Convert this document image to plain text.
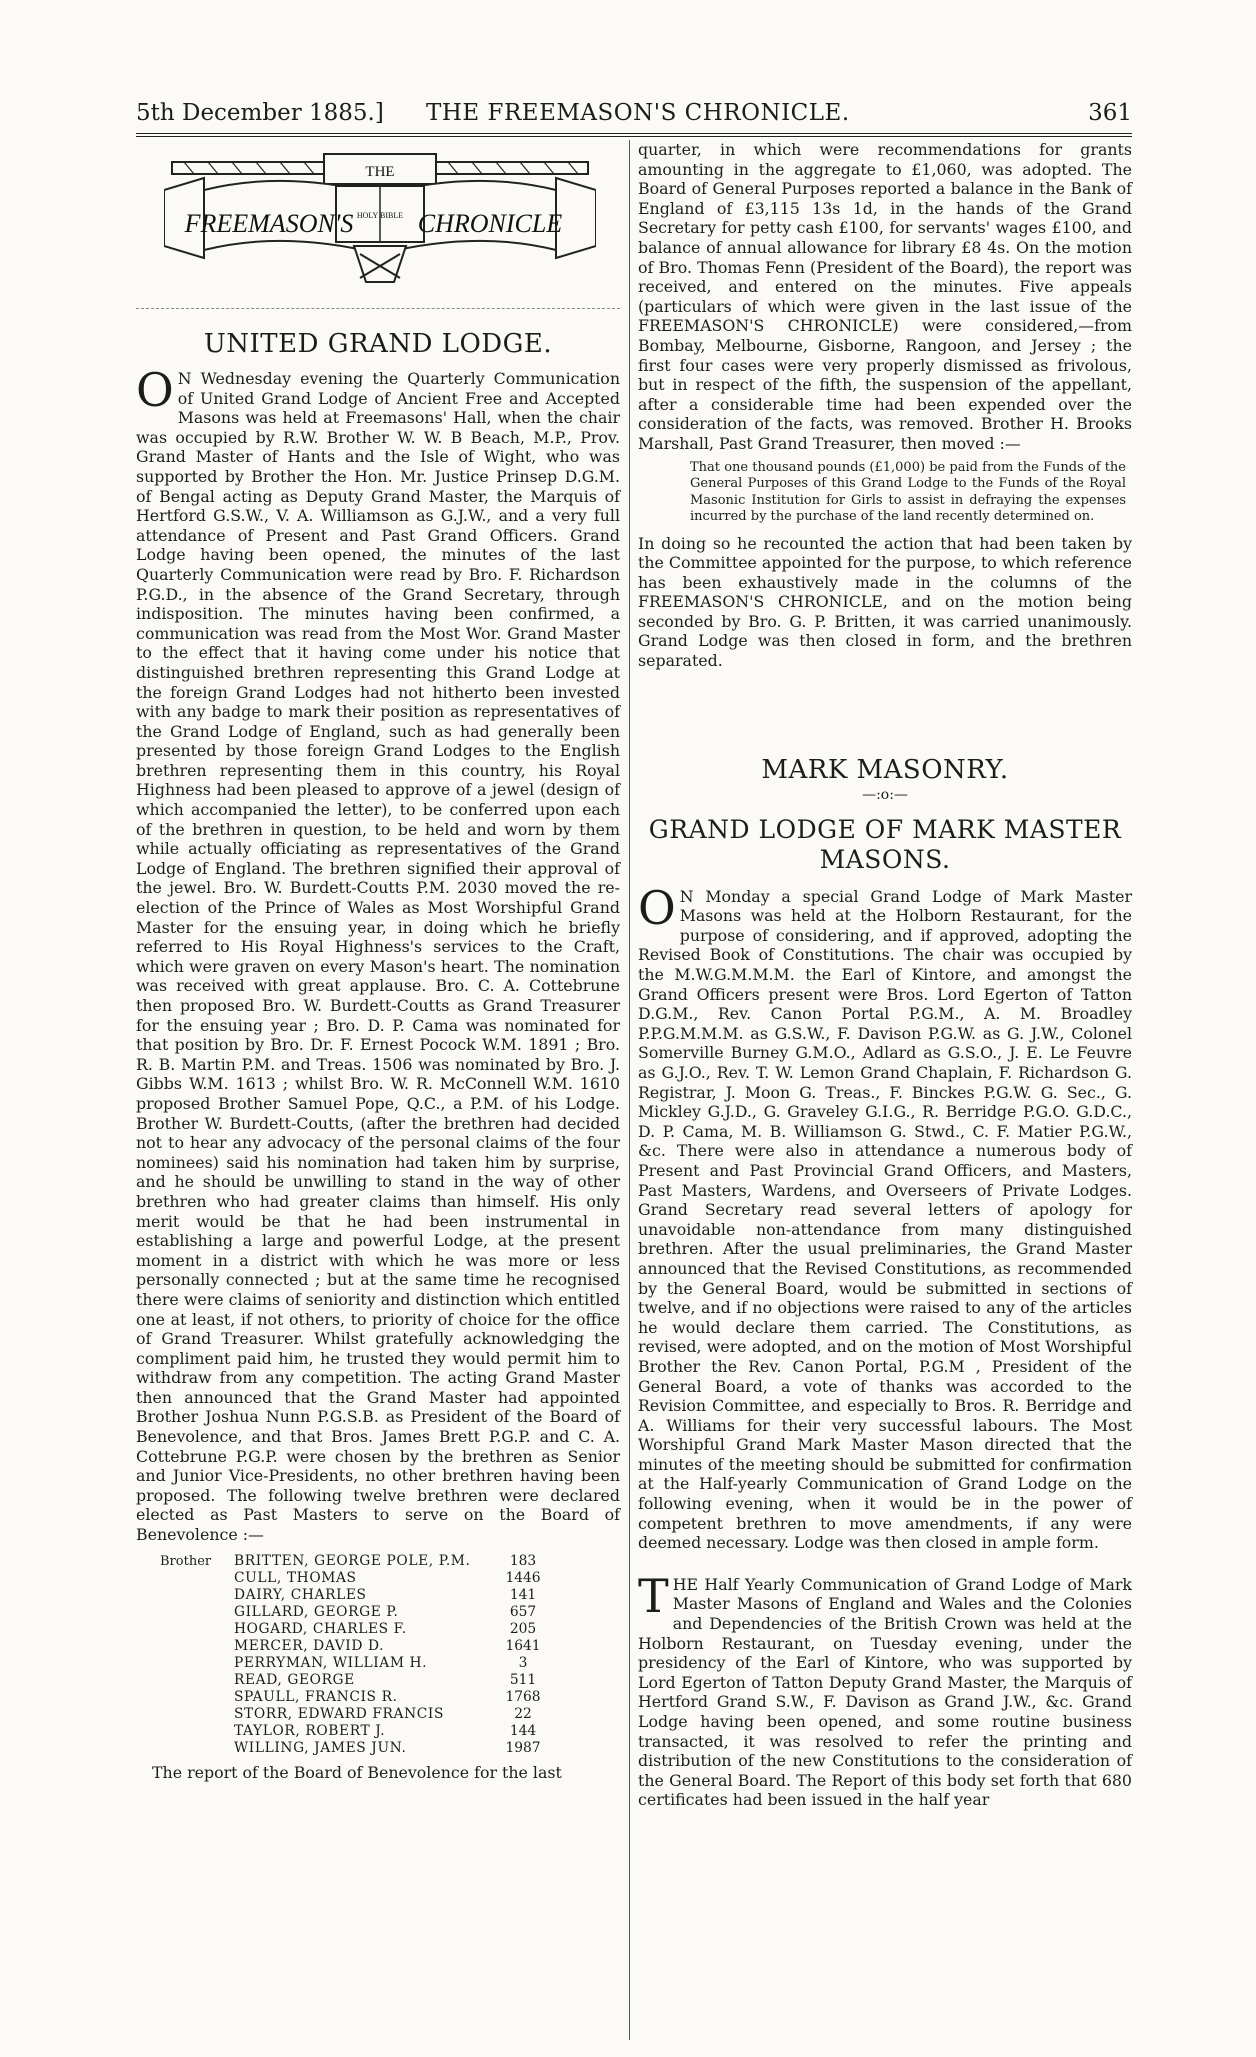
5th December 1885.] THE FREEMASON'S CHRONICLE.	361
THE
FREEMASON'S CHRONICLE
HOLY BIBLE
UNITED GRAND LODGE.

O N Wednesday evening the Quarterly Communication of United Grand Lodge of Ancient Free and Accepted Masons was held at Freemasons' Hall, when the chair was occupied by R.W. Brother W. W. B Beach, M.P., Prov. Grand Master of Hants and the Isle of Wight, who was supported by Brother the Hon. Mr. Justice Prinsep D.G.M. of Bengal acting as Deputy Grand Master, the Marquis of Hertford G.S.W., V. A. Williamson as G.J.W., and a very full attendance of Present and Past Grand Officers. Grand Lodge having been opened, the minutes of the last Quarterly Communication were read by Bro. F. Richardson P.G.D., in the absence of the Grand Secretary, through indisposition. The minutes having been confirmed, a communication was read from the Most Wor. Grand Master to the effect that it having come under his notice that distinguished brethren representing this Grand Lodge at the foreign Grand Lodges had not hitherto been invested with any badge to mark their position as representatives of the Grand Lodge of England, such as had generally been presented by those foreign Grand Lodges to the English brethren representing them in this country, his Royal Highness had been pleased to approve of a jewel (design of which accompanied the letter), to be conferred upon each of the brethren in question, to be held and worn by them while actually officiating as representatives of the Grand Lodge of England. The brethren signified their approval of the jewel. Bro. W. Burdett-Coutts P.M. 2030 moved the re-election of the Prince of Wales as Most Worshipful Grand Master for the ensuing year, in doing which he briefly referred to His Royal Highness's services to the Craft, which were graven on every Mason's heart. The nomination was received with great applause. Bro. C. A. Cottebrune then proposed Bro. W. Burdett-Coutts as Grand Treasurer for the ensuing year ; Bro. D. P. Cama was nominated for that position by Bro. Dr. F. Ernest Pocock W.M. 1891 ; Bro. R. B. Martin P.M. and Treas. 1506 was nominated by Bro. J. Gibbs W.M. 1613 ; whilst Bro. W. R. McConnell W.M. 1610 proposed Brother Samuel Pope, Q.C., a P.M. of his Lodge. Brother W. Burdett-Coutts, (after the brethren had decided not to hear any advocacy of the personal claims of the four nominees) said his nomination had taken him by surprise, and he should be unwilling to stand in the way of other brethren who had greater claims than himself. His only merit would be that he had been instrumental in establishing a large and powerful Lodge, at the present moment in a district with which he was more or less personally connected ; but at the same time he recognised there were claims of seniority and distinction which entitled one at least, if not others, to priority of choice for the office of Grand Treasurer. Whilst gratefully acknowledging the compliment paid him, he trusted they would permit him to withdraw from any competition. The acting Grand Master then announced that the Grand Master had appointed Brother Joshua Nunn P.G.S.B. as President of the Board of Benevolence, and that Bros. James Brett P.G.P. and C. A. Cottebrune P.G.P. were chosen by the brethren as Senior and Junior Vice-Presidents, no other brethren having been proposed. The following twelve brethren were declared elected as Past Masters to serve on the Board of Benevolence :—

Brother	BRITTEN, GEORGE POLE, P.M.	183
	CULL, THOMAS	1446
	DAIRY, CHARLES	141
	GILLARD, GEORGE P.	657
	HOGARD, CHARLES F.	205
	MERCER, DAVID D.	1641
	PERRYMAN, WILLIAM H.	3
	READ, GEORGE	511
	SPAULL, FRANCIS R.	1768
	STORR, EDWARD FRANCIS	22
	TAYLOR, ROBERT J.	144
	WILLING, JAMES JUN.	1987

The report of the Board of Benevolence for the last

quarter, in which were recommendations for grants amounting in the aggregate to £1,060, was adopted. The Board of General Purposes reported a balance in the Bank of England of £3,115 13s 1d, in the hands of the Grand Secretary for petty cash £100, for servants' wages £100, and balance of annual allowance for library £8 4s. On the motion of Bro. Thomas Fenn (President of the Board), the report was received, and entered on the minutes. Five appeals (particulars of which were given in the last issue of the FREEMASON'S CHRONICLE) were considered,—from Bombay, Melbourne, Gisborne, Rangoon, and Jersey ; the first four cases were very properly dismissed as frivolous, but in respect of the fifth, the suspension of the appellant, after a considerable time had been expended over the consideration of the facts, was removed. Brother H. Brooks Marshall, Past Grand Treasurer, then moved :—

That one thousand pounds (£1,000) be paid from the Funds of the General Purposes of this Grand Lodge to the Funds of the Royal Masonic Institution for Girls to assist in defraying the expenses incurred by the purchase of the land recently determined on.

In doing so he recounted the action that had been taken by the Committee appointed for the purpose, to which reference has been exhaustively made in the columns of the FREEMASON'S CHRONICLE, and on the motion being seconded by Bro. G. P. Britten, it was carried unanimously. Grand Lodge was then closed in form, and the brethren separated.

MARK MASONRY.
—:o:—
GRAND LODGE OF MARK MASTER MASONS.

O N Monday a special Grand Lodge of Mark Master Masons was held at the Holborn Restaurant, for the purpose of considering, and if approved, adopting the Revised Book of Constitutions. The chair was occupied by the M.W.G.M.M.M. the Earl of Kintore, and amongst the Grand Officers present were Bros. Lord Egerton of Tatton D.G.M., Rev. Canon Portal P.G.M., A. M. Broadley P.P.G.M.M.M. as G.S.W., F. Davison P.G.W. as G. J.W., Colonel Somerville Burney G.M.O., Adlard as G.S.O., J. E. Le Feuvre as G.J.O., Rev. T. W. Lemon Grand Chaplain, F. Richardson G. Registrar, J. Moon G. Treas., F. Binckes P.G.W. G. Sec., G. Mickley G.J.D., G. Graveley G.I.G., R. Berridge P.G.O. G.D.C., D. P. Cama, M. B. Williamson G. Stwd., C. F. Matier P.G.W., &c. There were also in attendance a numerous body of Present and Past Provincial Grand Officers, and Masters, Past Masters, Wardens, and Overseers of Private Lodges. Grand Secretary read several letters of apology for unavoidable non-attendance from many distinguished brethren. After the usual preliminaries, the Grand Master announced that the Revised Constitutions, as recommended by the General Board, would be submitted in sections of twelve, and if no objections were raised to any of the articles he would declare them carried. The Constitutions, as revised, were adopted, and on the motion of Most Worshipful Brother the Rev. Canon Portal, P.G.M , President of the General Board, a vote of thanks was accorded to the Revision Committee, and especially to Bros. R. Berridge and A. Williams for their very successful labours. The Most Worshipful Grand Mark Master Mason directed that the minutes of the meeting should be submitted for confirmation at the Half-yearly Communication of Grand Lodge on the following evening, when it would be in the power of competent brethren to move amendments, if any were deemed necessary. Lodge was then closed in ample form.

THE Half Yearly Communication of Grand Lodge of Mark Master Masons of England and Wales and the Colonies and Dependencies of the British Crown was held at the Holborn Restaurant, on Tuesday evening, under the presidency of the Earl of Kintore, who was supported by Lord Egerton of Tatton Deputy Grand Master, the Marquis of Hertford Grand S.W., F. Davison as Grand J.W., &c. Grand Lodge having been opened, and some routine business transacted, it was resolved to refer the printing and distribution of the new Constitutions to the consideration of the General Board. The Report of this body set forth that 680 certificates had been issued in the half year
